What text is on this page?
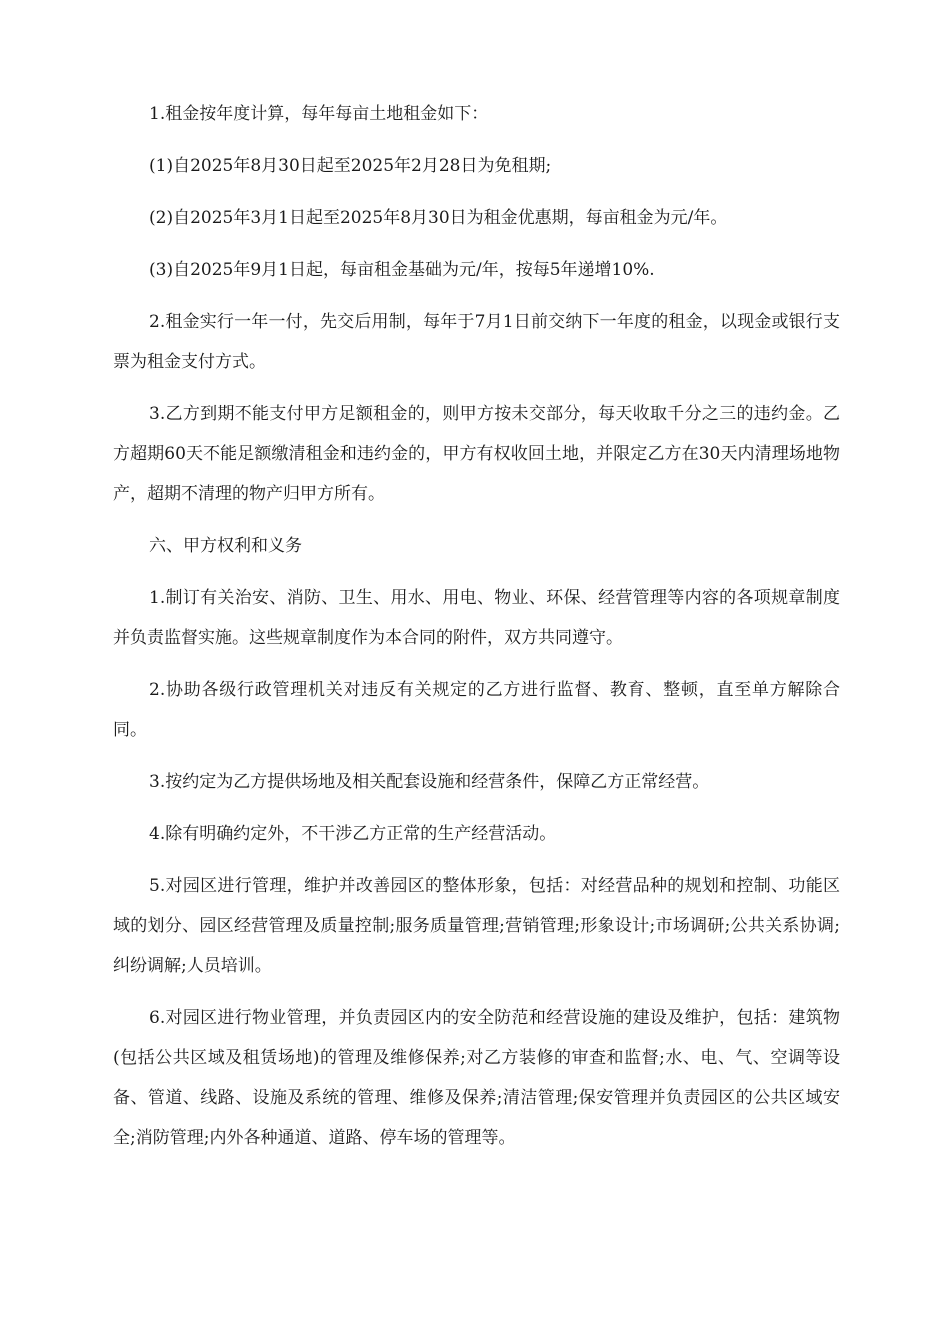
1.租金按年度计算，每年每亩土地租金如下：

(1)自2025年8月30日起至2025年2月28日为免租期;

(2)自2025年3月1日起至2025年8月30日为租金优惠期，每亩租金为元/年。

(3)自2025年9月1日起，每亩租金基础为元/年，按每5年递增10%.

2.租金实行一年一付，先交后用制，每年于7月1日前交纳下一年度的租金，以现金或银行支票为租金支付方式。

3.乙方到期不能支付甲方足额租金的，则甲方按未交部分，每天收取千分之三的违约金。乙方超期60天不能足额缴清租金和违约金的，甲方有权收回土地，并限定乙方在30天内清理场地物产，超期不清理的物产归甲方所有。

六、甲方权利和义务

1.制订有关治安、消防、卫生、用水、用电、物业、环保、经营管理等内容的各项规章制度并负责监督实施。这些规章制度作为本合同的附件，双方共同遵守。

2.协助各级行政管理机关对违反有关规定的乙方进行监督、教育、整顿，直至单方解除合同。

3.按约定为乙方提供场地及相关配套设施和经营条件，保障乙方正常经营。

4.除有明确约定外，不干涉乙方正常的生产经营活动。

5.对园区进行管理，维护并改善园区的整体形象，包括：对经营品种的规划和控制、功能区域的划分、园区经营管理及质量控制;服务质量管理;营销管理;形象设计;市场调研;公共关系协调;纠纷调解;人员培训。

6.对园区进行物业管理，并负责园区内的安全防范和经营设施的建设及维护，包括：建筑物(包括公共区域及租赁场地)的管理及维修保养;对乙方装修的审查和监督;水、电、气、空调等设备、管道、线路、设施及系统的管理、维修及保养;清洁管理;保安管理并负责园区的公共区域安全;消防管理;内外各种通道、道路、停车场的管理等。
